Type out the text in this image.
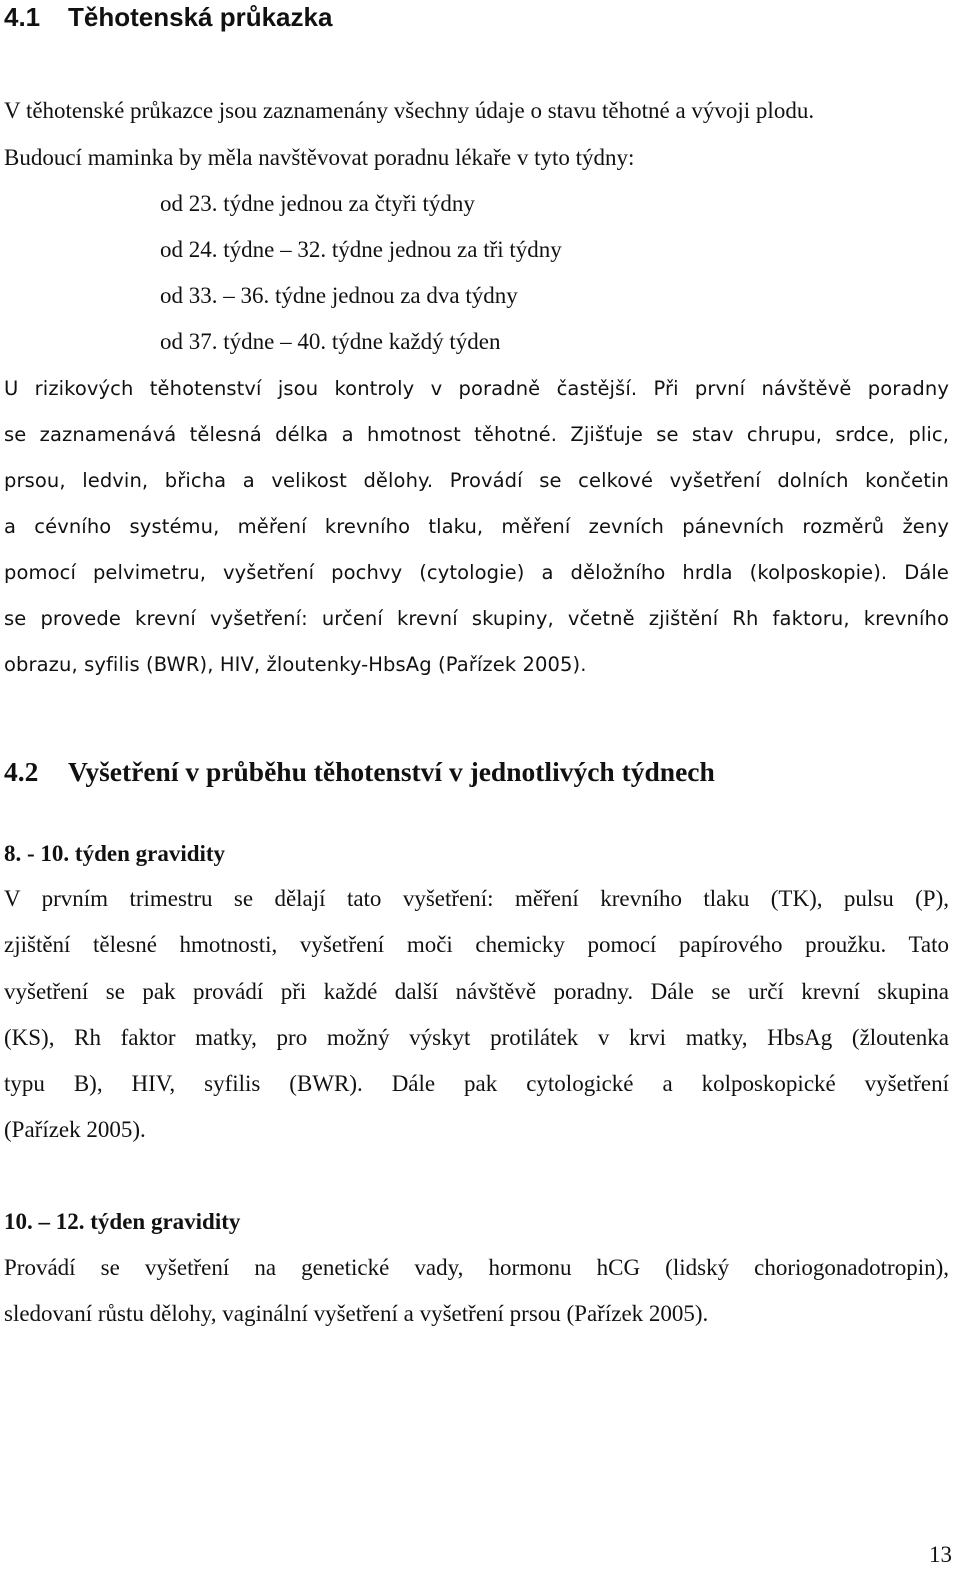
4.1 Těhotenská průkazka
V těhotenské průkazce jsou zaznamenány všechny údaje o stavu těhotné a vývoji plodu.
Budoucí maminka by měla navštěvovat poradnu lékaře v tyto týdny:
od 23. týdne jednou za čtyři týdny
od 24. týdne – 32. týdne jednou za tři týdny
od 33. – 36. týdne jednou za dva týdny
od 37. týdne – 40. týdne každý týden
U rizikových těhotenství jsou kontroly v poradně častější. Při první návštěvě poradny
se zaznamenává tělesná délka a hmotnost těhotné. Zjišťuje se stav chrupu, srdce, plic,
prsou, ledvin, břicha a velikost dělohy. Provádí se celkové vyšetření dolních končetin
a cévního systému, měření krevního tlaku, měření zevních pánevních rozměrů ženy
pomocí pelvimetru, vyšetření pochvy (cytologie) a děložního hrdla (kolposkopie). Dále
se provede krevní vyšetření: určení krevní skupiny, včetně zjištění Rh faktoru, krevního
obrazu, syfilis (BWR), HIV, žloutenky-HbsAg (Pařízek 2005).
4.2 Vyšetření v průběhu těhotenství v jednotlivých týdnech
8. - 10. týden gravidity
V prvním trimestru se dělají tato vyšetření: měření krevního tlaku (TK), pulsu (P),
zjištění tělesné hmotnosti, vyšetření moči chemicky pomocí papírového proužku. Tato
vyšetření se pak provádí při každé další návštěvě poradny. Dále se určí krevní skupina
(KS), Rh faktor matky, pro možný výskyt protilátek v krvi matky, HbsAg (žloutenka
typu B), HIV, syfilis (BWR). Dále pak cytologické a kolposkopické vyšetření
(Pařízek 2005).
10. – 12. týden gravidity
Provádí se vyšetření na genetické vady, hormonu hCG (lidský choriogonadotropin),
sledovaní růstu dělohy, vaginální vyšetření a vyšetření prsou (Pařízek 2005).
13
